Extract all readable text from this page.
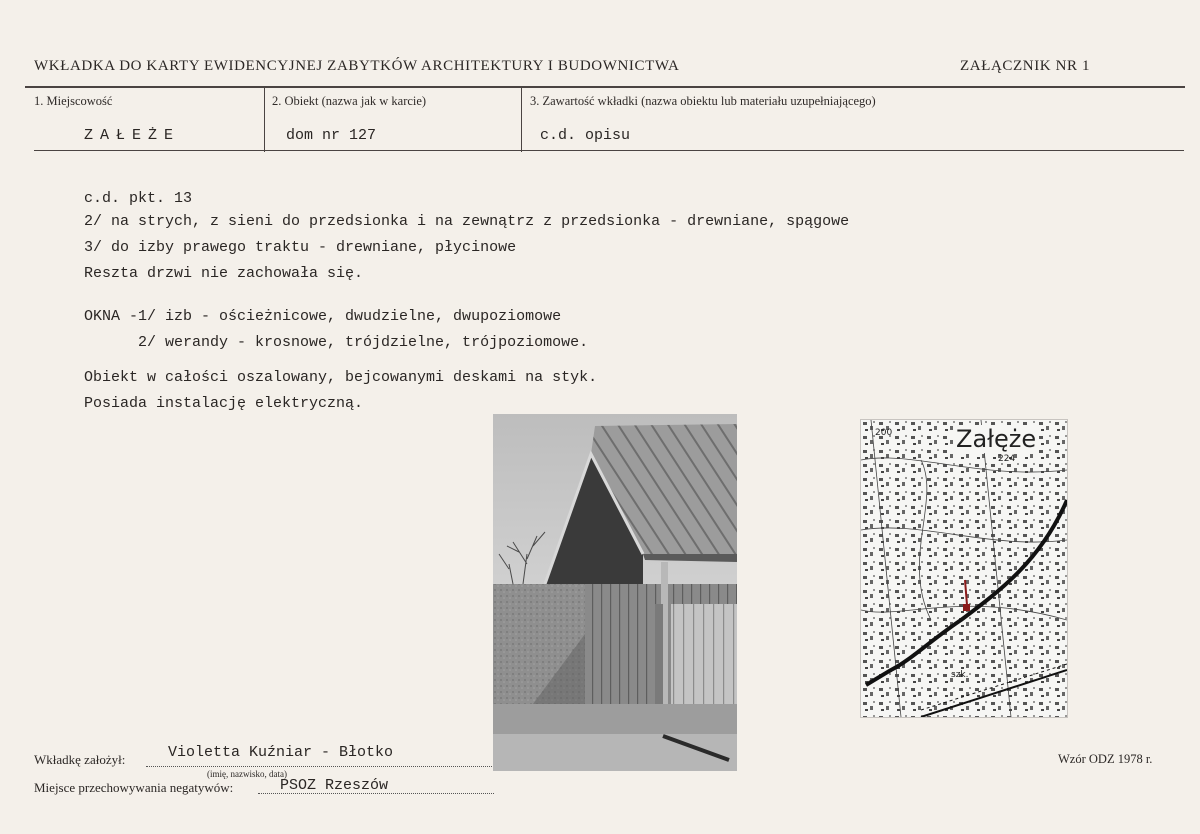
WKŁADKA DO KARTY EWIDENCYJNEJ ZABYTKÓW ARCHITEKTURY I BUDOWNICTWA	ZAŁĄCZNIK NR 1
1. Miejscowość
ZAŁEŻE
2. Obiekt (nazwa jak w karcie)
dom nr 127
3. Zawartość wkładki (nazwa obiektu lub materiału uzupełniającego)
c.d. opisu
c.d. pkt. 13
2/ na strych, z sieni do przedsionka i na zewnątrz z przedsionka - drewniane, spągowe
3/ do izby prawego traktu - drewniane, płycinowe
Reszta drzwi nie zachowała się.
OKNA -1/ izb - ościeżnicowe, dwudzielne, dwupoziomowe
2/ werandy - krosnowe, trójdzielne, trójpoziomowe.
Obiekt w całości oszalowany, bejcowanymi deskami na styk.
Posiada instalację elektryczną.
Załęże
224
200
szk.
Wkładkę założył:	Violetta Kuźniar - Błotko
(imię, nazwisko, data)
Miejsce przechowywania negatywów:	PSOZ Rzeszów
Wzór ODZ 1978 r.
